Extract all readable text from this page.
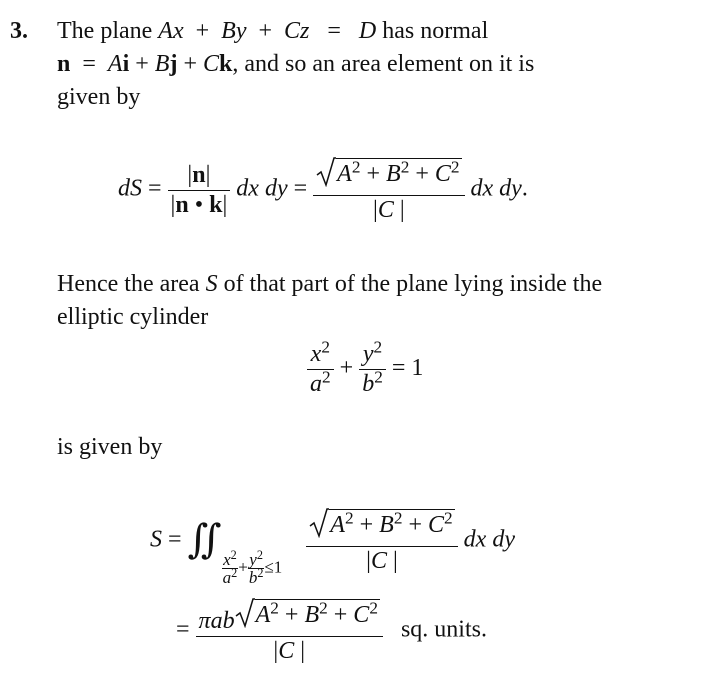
3. The plane Ax  +  By  +  Cz   =   D has normal
n  =  Ai + Bj + Ck, and so an area element on it is
given by
dS = $\frac{|n|}{|n • k|}$ dx dy = $\frac{A^2 + B^2 + C^2}{|C |}$ dx dy.
Hence the area S of that part of the plane lying inside the
elliptic cylinder
$\frac{x^2}{a^2} + \frac{y^2}{b^2} = 1$
is given by
S = ∬
$\frac{x^2}{a^2} + \frac{y^2}{b^2} \le 1 \frac{A^2 + B^2 + C^2}{|C |}$ dx dy
= $\frac{\pi ab A^2 + B^2 + C^2}{|C |}$ sq. units.
